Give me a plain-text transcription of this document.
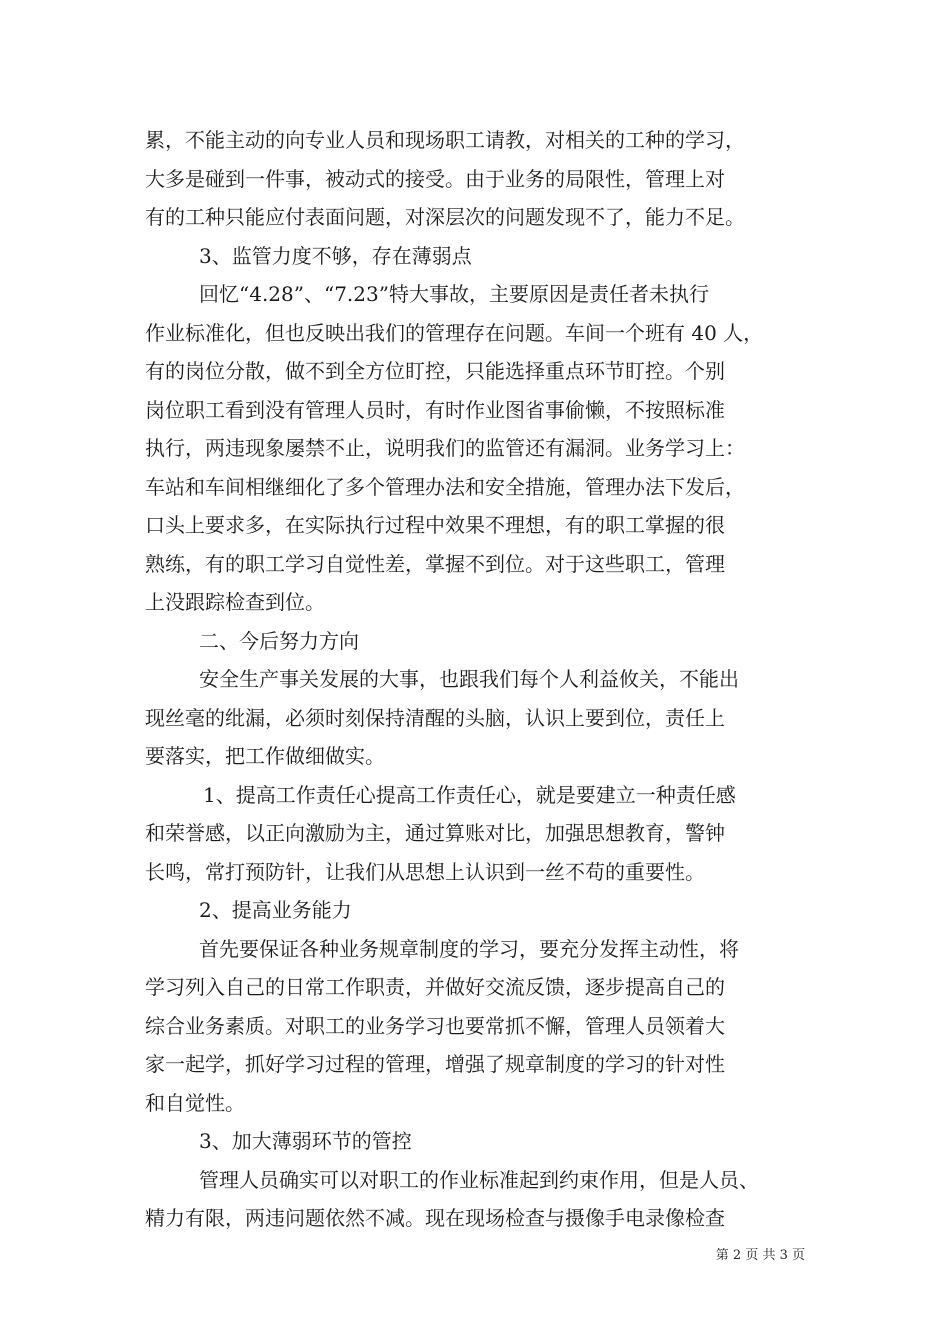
累，不能主动的向专业人员和现场职工请教，对相关的工种的学习，
大多是碰到一件事，被动式的接受。由于业务的局限性，管理上对
有的工种只能应付表面问题，对深层次的问题发现不了，能力不足。
3、监管力度不够，存在薄弱点
回忆“4.28”、“7.23”特大事故，主要原因是责任者未执行
作业标准化，但也反映出我们的管理存在问题。车间一个班有 40 人，
有的岗位分散，做不到全方位盯控，只能选择重点环节盯控。个别
岗位职工看到没有管理人员时，有时作业图省事偷懒，不按照标准
执行，两违现象屡禁不止，说明我们的监管还有漏洞。业务学习上：
车站和车间相继细化了多个管理办法和安全措施，管理办法下发后，
口头上要求多，在实际执行过程中效果不理想，有的职工掌握的很
熟练，有的职工学习自觉性差，掌握不到位。对于这些职工，管理
上没跟踪检查到位。
二、今后努力方向
安全生产事关发展的大事，也跟我们每个人利益攸关，不能出
现丝毫的纰漏，必须时刻保持清醒的头脑，认识上要到位，责任上
要落实，把工作做细做实。
1、提高工作责任心提高工作责任心，就是要建立一种责任感
和荣誉感，以正向激励为主，通过算账对比，加强思想教育，警钟
长鸣，常打预防针，让我们从思想上认识到一丝不苟的重要性。
2、提高业务能力
首先要保证各种业务规章制度的学习，要充分发挥主动性，将
学习列入自己的日常工作职责，并做好交流反馈，逐步提高自己的
综合业务素质。对职工的业务学习也要常抓不懈，管理人员领着大
家一起学，抓好学习过程的管理，增强了规章制度的学习的针对性
和自觉性。
3、加大薄弱环节的管控
管理人员确实可以对职工的作业标准起到约束作用，但是人员、
精力有限，两违问题依然不减。现在现场检查与摄像手电录像检查
第 2 页 共 3 页
